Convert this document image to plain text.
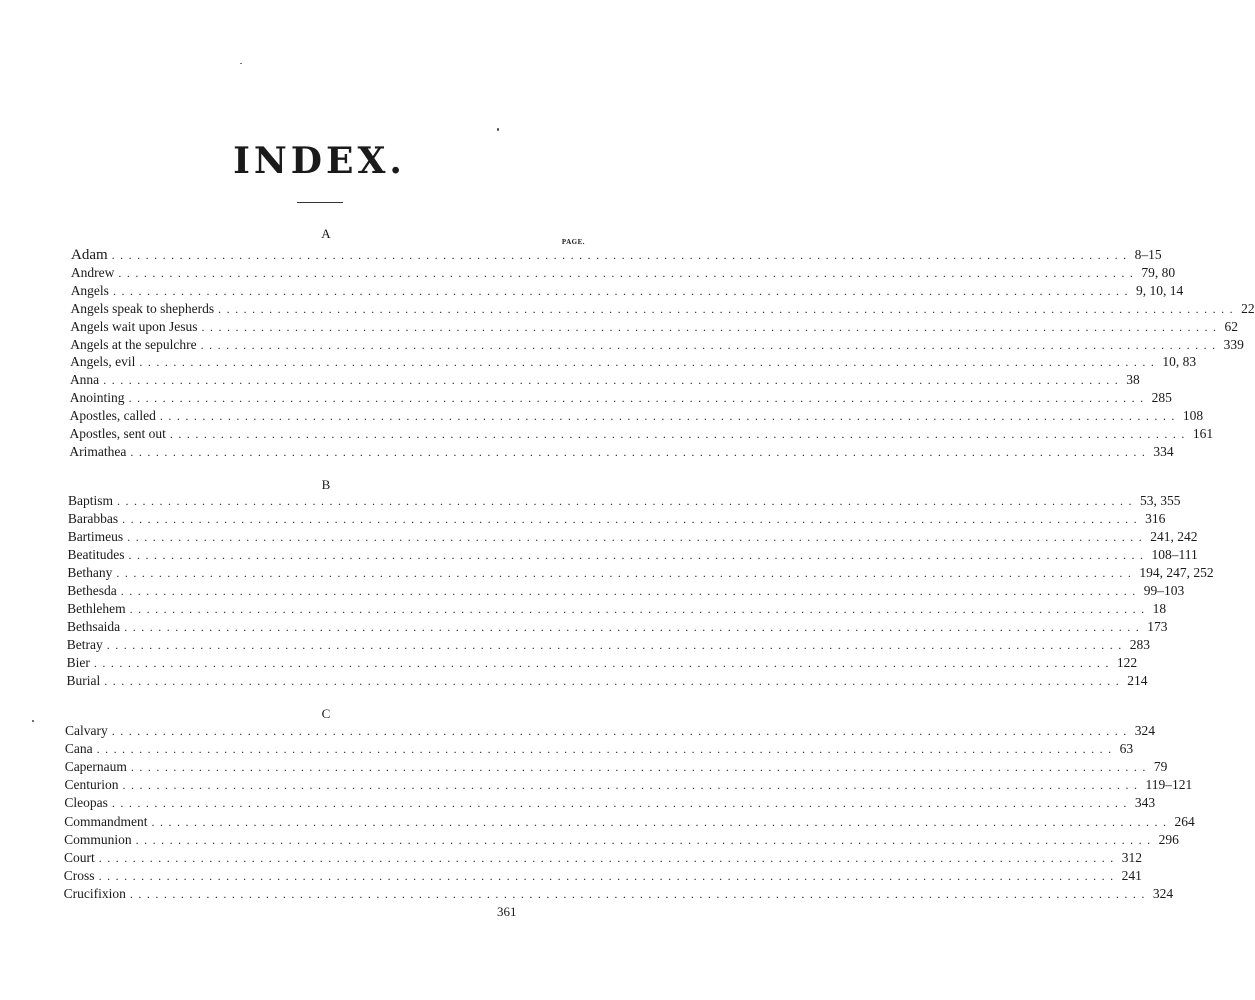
INDEX.
PAGE.
A
B
C
Adam ........................................................................................................................ 8–15
Andrew ........................................................................................................................ 79, 80
Angels ........................................................................................................................ 9, 10, 14
Angels speak to shepherds ........................................................................................................................ 22
Angels wait upon Jesus ........................................................................................................................ 62
Angels at the sepulchre ........................................................................................................................ 339
Angels, evil ........................................................................................................................ 10, 83
Anna ........................................................................................................................ 38
Anointing ........................................................................................................................ 285
Apostles, called ........................................................................................................................ 108
Apostles, sent out ........................................................................................................................ 161
Arimathea ........................................................................................................................ 334
Baptism ........................................................................................................................ 53, 355
Barabbas ........................................................................................................................ 316
Bartimeus ........................................................................................................................ 241, 242
Beatitudes ........................................................................................................................ 108–111
Bethany ........................................................................................................................ 194, 247, 252
Bethesda ........................................................................................................................ 99–103
Bethlehem ........................................................................................................................ 18
Bethsaida ........................................................................................................................ 173
Betray ........................................................................................................................ 283
Bier ........................................................................................................................ 122
Burial ........................................................................................................................ 214
Calvary ........................................................................................................................ 324
Cana ........................................................................................................................ 63
Capernaum ........................................................................................................................ 79
Centurion ........................................................................................................................ 119–121
Cleopas ........................................................................................................................ 343
Commandment ........................................................................................................................ 264
Communion ........................................................................................................................ 296
Court ........................................................................................................................ 312
Cross ........................................................................................................................ 241
Crucifixion ........................................................................................................................ 324
361
